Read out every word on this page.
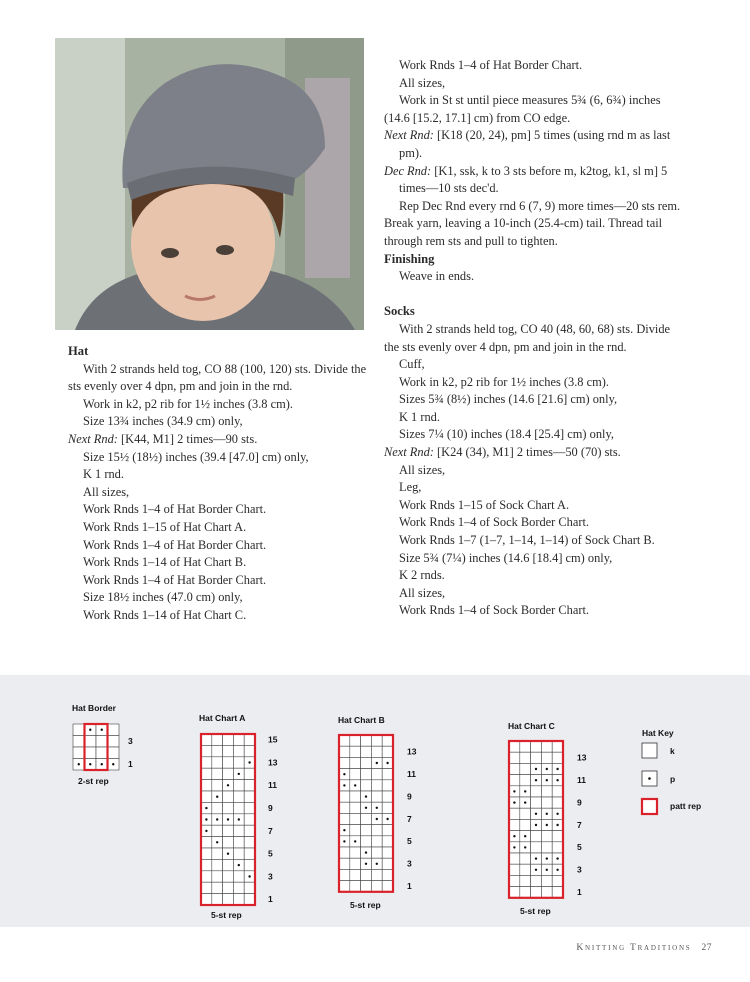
Hat

With 2 strands held tog, CO 88 (100, 120) sts. Divide the sts evenly over 4 dpn, pm and join in the rnd.

Work in k2, p2 rib for 1½ inches (3.8 cm).

Size 13¾ inches (34.9 cm) only,

Next Rnd: [K44, M1] 2 times—90 sts.

Size 15½ (18½) inches (39.4 [47.0] cm) only,

K 1 rnd.

All sizes,

Work Rnds 1–4 of Hat Border Chart.

Work Rnds 1–15 of Hat Chart A.

Work Rnds 1–4 of Hat Border Chart.

Work Rnds 1–14 of Hat Chart B.

Work Rnds 1–4 of Hat Border Chart.

Size 18½ inches (47.0 cm) only,

Work Rnds 1–14 of Hat Chart C.

Work Rnds 1–4 of Hat Border Chart.

All sizes,

Work in St st until piece measures 5¾ (6, 6¾) inches (14.6 [15.2, 17.1] cm) from CO edge.

Next Rnd: [K18 (20, 24), pm] 5 times (using rnd m as last pm).

Dec Rnd: [K1, ssk, k to 3 sts before m, k2tog, k1, sl m] 5 times—10 sts dec'd.

Rep Dec Rnd every rnd 6 (7, 9) more times—20 sts rem. Break yarn, leaving a 10-inch (25.4-cm) tail. Thread tail through rem sts and pull to tighten.

Finishing

Weave in ends.

Socks

With 2 strands held tog, CO 40 (48, 60, 68) sts. Divide the sts evenly over 4 dpn, pm and join in the rnd.

Cuff,

Work in k2, p2 rib for 1½ inches (3.8 cm).

Sizes 5¾ (8½) inches (14.6 [21.6] cm) only,

K 1 rnd.

Sizes 7¼ (10) inches (18.4 [25.4] cm) only,

Next Rnd: [K24 (34), M1] 2 times—50 (70) sts.

All sizes,

Leg,

Work Rnds 1–15 of Sock Chart A.

Work Rnds 1–4 of Sock Border Chart.

Work Rnds 1–7 (1–7, 1–14, 1–14) of Sock Chart B.

Size 5¾ (7¼) inches (14.6 [18.4] cm) only,

K 2 rnds.

All sizes,

Work Rnds 1–4 of Sock Border Chart.

Hat Border
2-st rep
Hat Chart A
5-st rep
Hat Chart B
5-st rep
Hat Chart C
5-st rep
Hat Key
k
p
patt rep
1
3
1
3
5
7
9
11
13
15
1
3
5
7
9
11
13
1
3
5
7
9
11
13
Knitting Traditions 27
